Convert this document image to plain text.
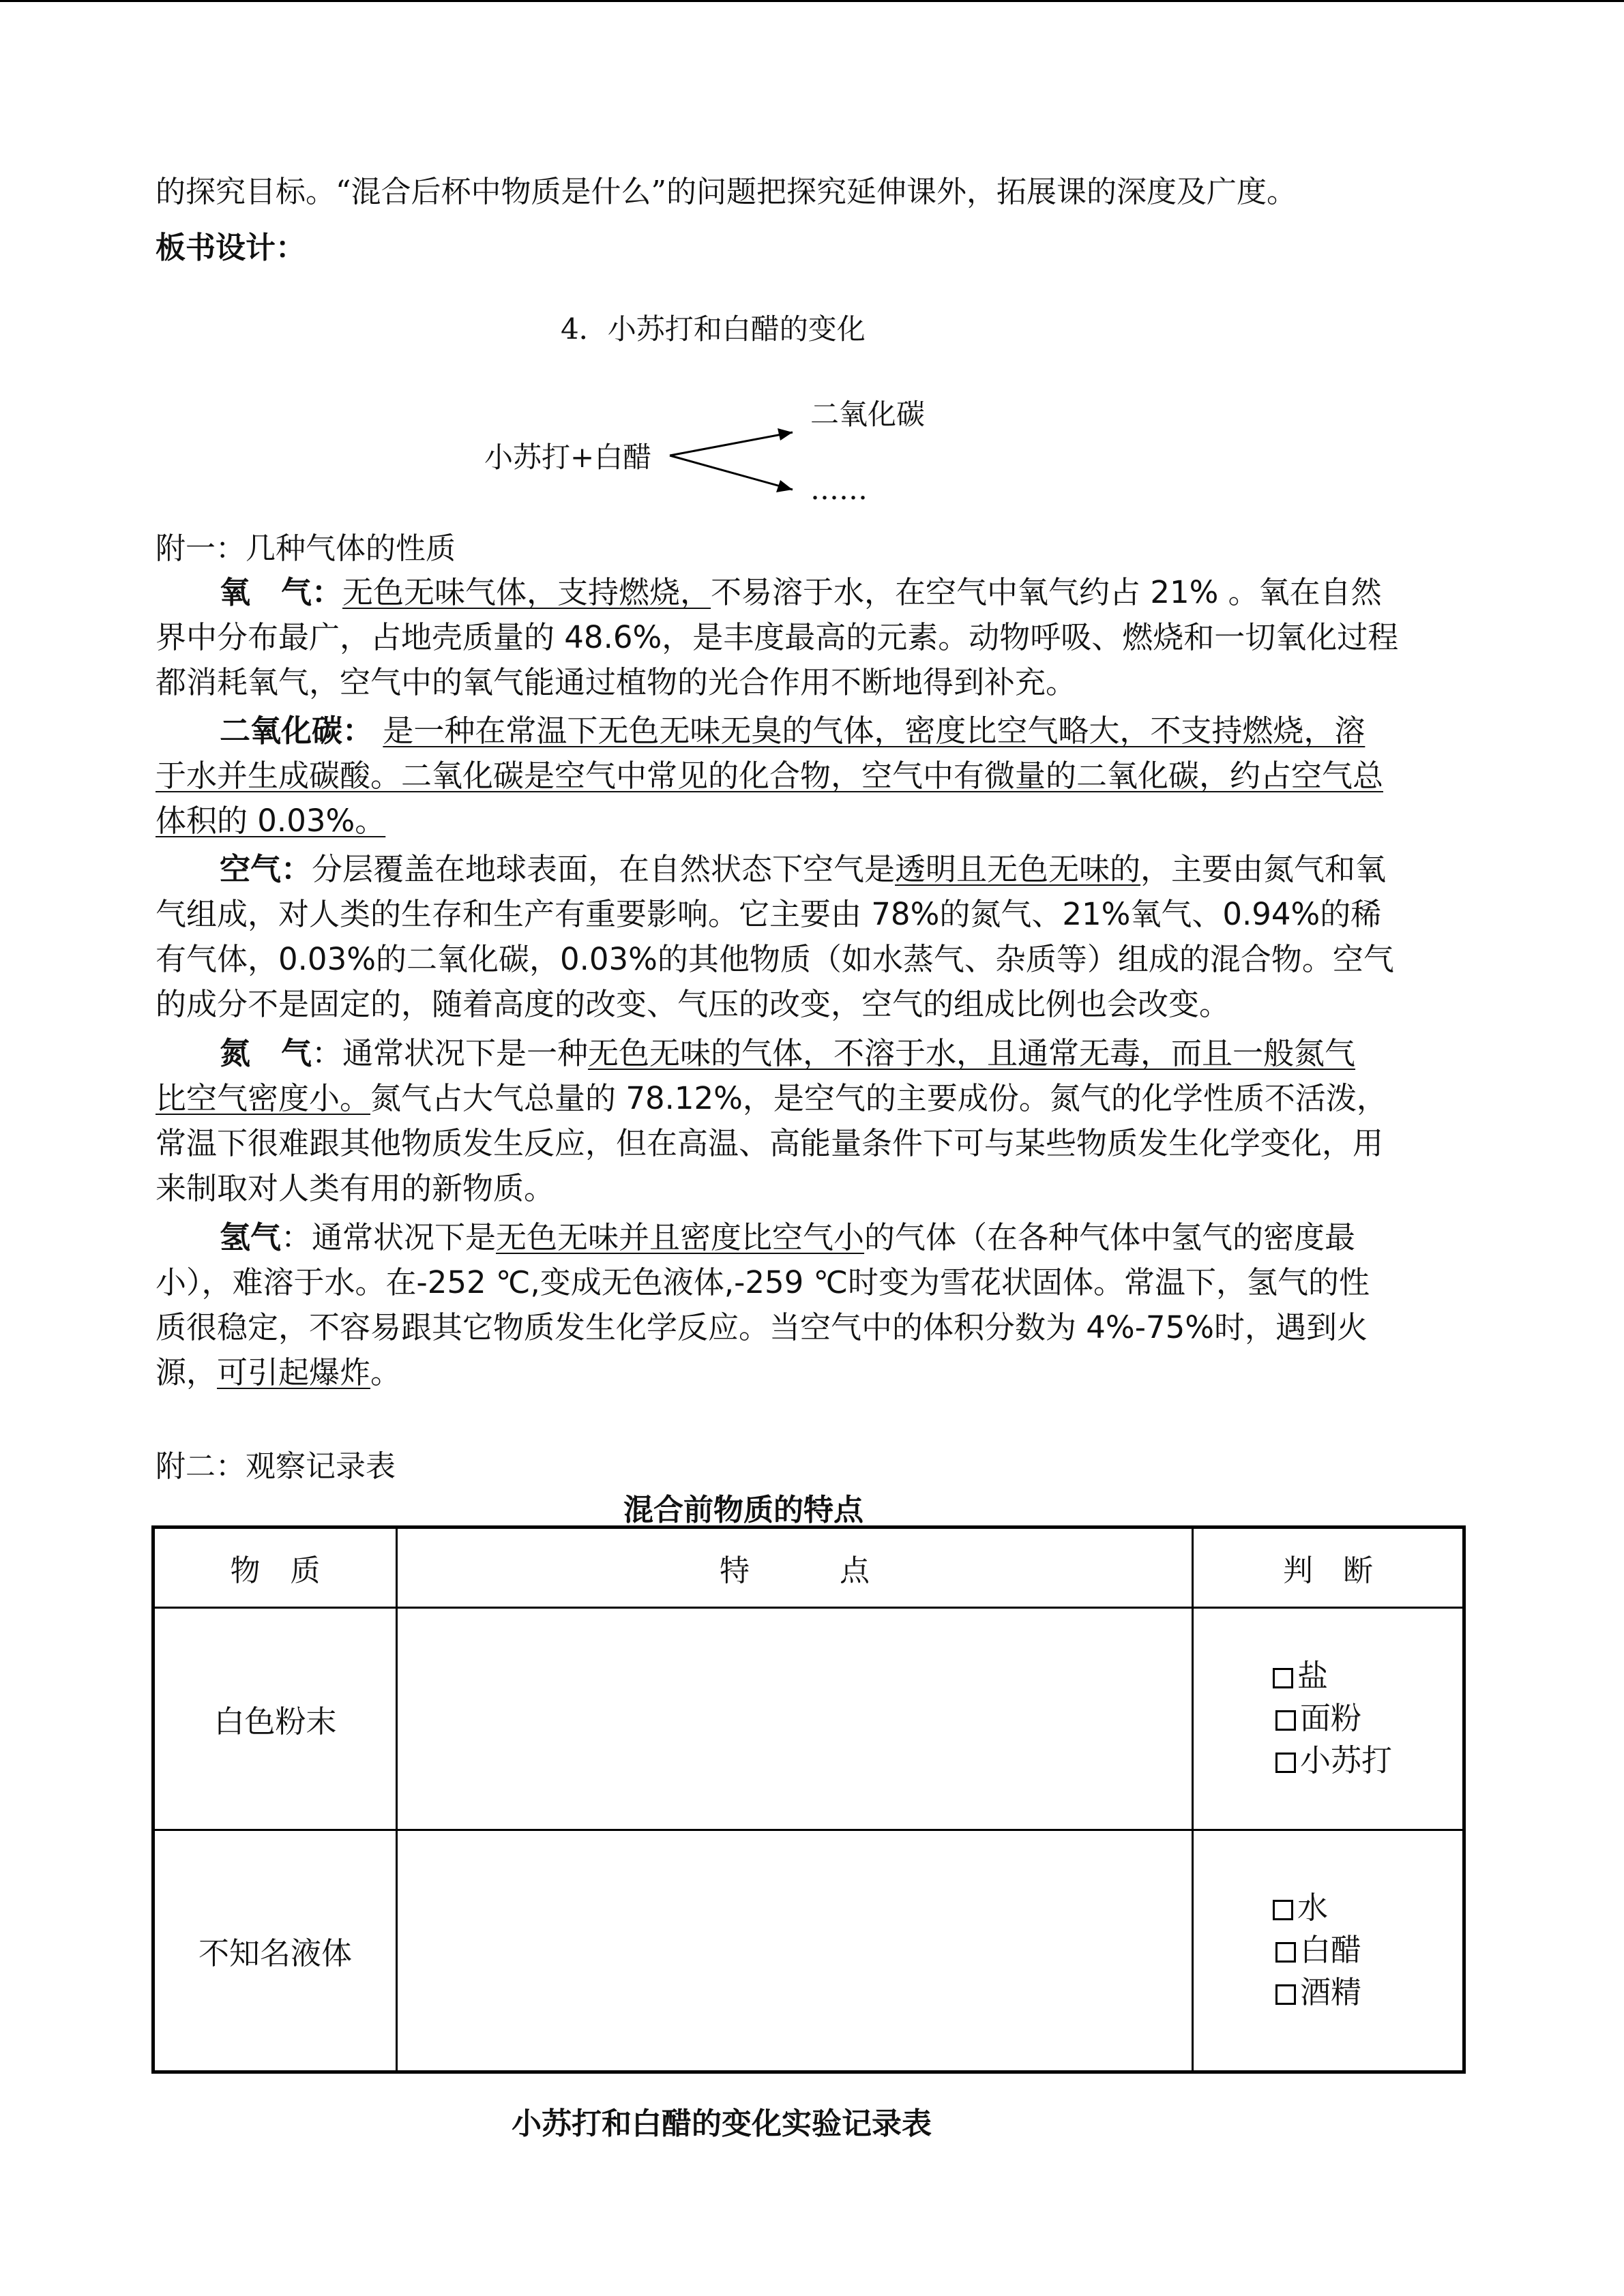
的探究目标。“混合后杯中物质是什么”的问题把探究延伸课外，拓展课的深度及广度。
板书设计：
4．小苏打和白醋的变化
小苏打+白醋
二氧化碳
……
附一：几种气体的性质
氧　气：无色无味气体，支持燃烧，不易溶于水，在空气中氧气约占 21% 。氧在自然
界中分布最广，占地壳质量的 48.6%，是丰度最高的元素。动物呼吸、燃烧和一切氧化过程
都消耗氧气，空气中的氧气能通过植物的光合作用不断地得到补充。
二氧化碳： 是一种在常温下无色无味无臭的气体，密度比空气略大，不支持燃烧，溶
于水并生成碳酸。二氧化碳是空气中常见的化合物，空气中有微量的二氧化碳，约占空气总
体积的 0.03%。
空气：分层覆盖在地球表面，在自然状态下空气是透明且无色无味的，主要由氮气和氧
气组成，对人类的生存和生产有重要影响。它主要由 78%的氮气、21%氧气、0.94%的稀
有气体，0.03%的二氧化碳，0.03%的其他物质（如水蒸气、杂质等）组成的混合物。空气
的成分不是固定的，随着高度的改变、气压的改变，空气的组成比例也会改变。
氮　气：通常状况下是一种无色无味的气体，不溶于水，且通常无毒，而且一般氮气
比空气密度小。氮气占大气总量的 78.12%，是空气的主要成份。氮气的化学性质不活泼，
常温下很难跟其他物质发生反应，但在高温、高能量条件下可与某些物质发生化学变化，用
来制取对人类有用的新物质。
氢气：通常状况下是无色无味并且密度比空气小的气体（在各种气体中氢气的密度最
小），难溶于水。在-252 ℃,变成无色液体,-259 ℃时变为雪花状固体。常温下，氢气的性
质很稳定，不容易跟其它物质发生化学反应。当空气中的体积分数为 4%-75%时，遇到火
源，可引起爆炸。
附二：观察记录表
混合前物质的特点
物　质	特　　　点	判　断
白色粉末		盐
面粉
小苏打

不知名液体		水
白醋
酒精
小苏打和白醋的变化实验记录表
